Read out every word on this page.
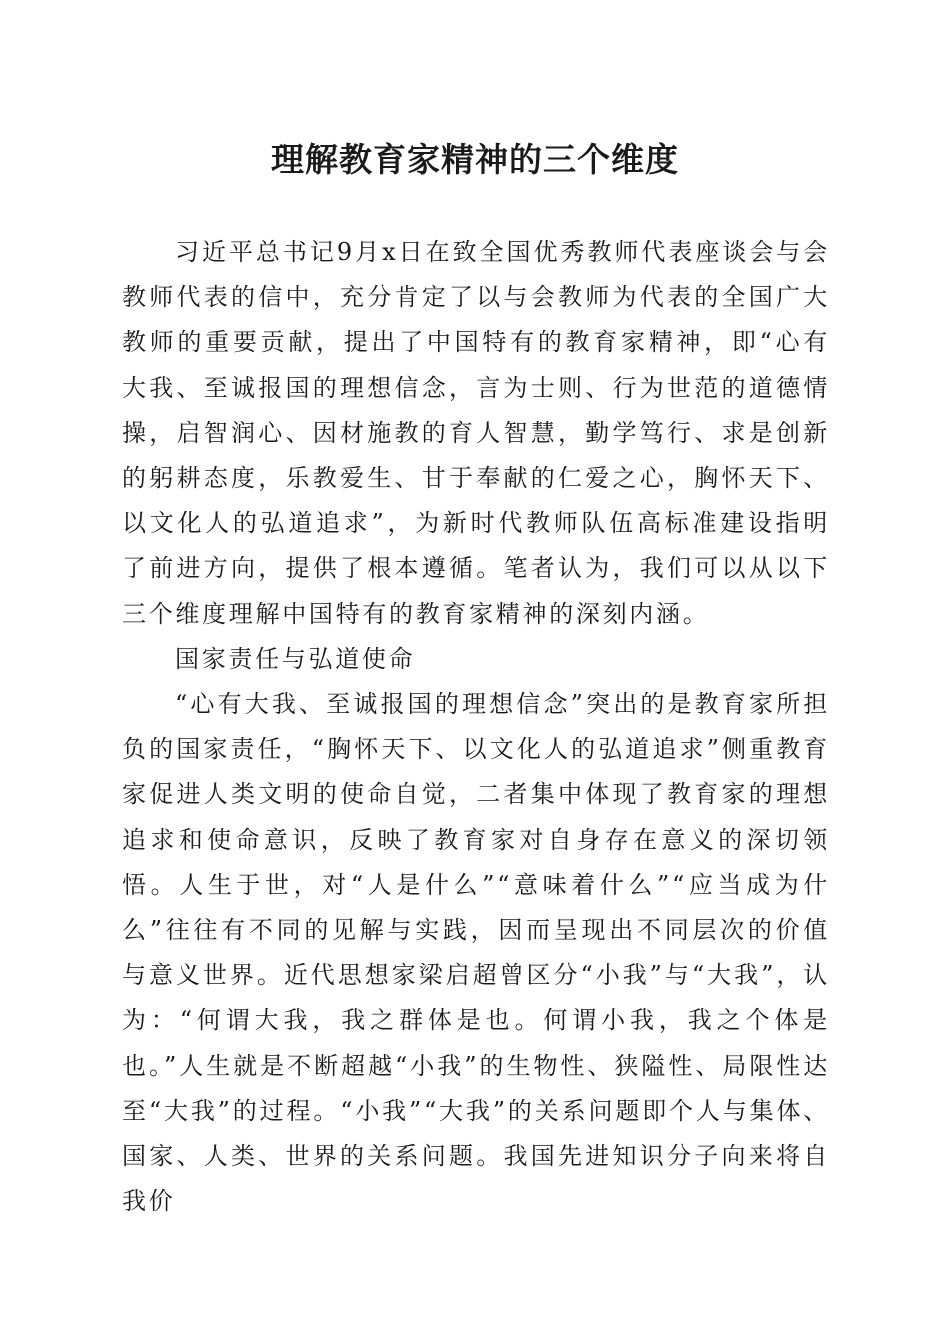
理解教育家精神的三个维度

习近平总书记9月x日在致全国优秀教师代表座谈会与会教师代表的信中，充分肯定了以与会教师为代表的全国广大教师的重要贡献，提出了中国特有的教育家精神，即“心有大我、至诚报国的理想信念，言为士则、行为世范的道德情操，启智润心、因材施教的育人智慧，勤学笃行、求是创新的躬耕态度，乐教爱生、甘于奉献的仁爱之心，胸怀天下、以文化人的弘道追求”，为新时代教师队伍高标准建设指明了前进方向，提供了根本遵循。笔者认为，我们可以从以下三个维度理解中国特有的教育家精神的深刻内涵。

国家责任与弘道使命

“心有大我、至诚报国的理想信念”突出的是教育家所担负的国家责任，“胸怀天下、以文化人的弘道追求”侧重教育家促进人类文明的使命自觉，二者集中体现了教育家的理想追求和使命意识，反映了教育家对自身存在意义的深切领悟。人生于世，对“人是什么”“意味着什么”“应当成为什么”往往有不同的见解与实践，因而呈现出不同层次的价值与意义世界。近代思想家梁启超曾区分“小我”与“大我”，认为：“何谓大我，我之群体是也。何谓小我，我之个体是也。”人生就是不断超越“小我”的生物性、狭隘性、局限性达至“大我”的过程。“小我”“大我”的关系问题即个人与集体、国家、人类、世界的关系问题。我国先进知识分子向来将自我价
